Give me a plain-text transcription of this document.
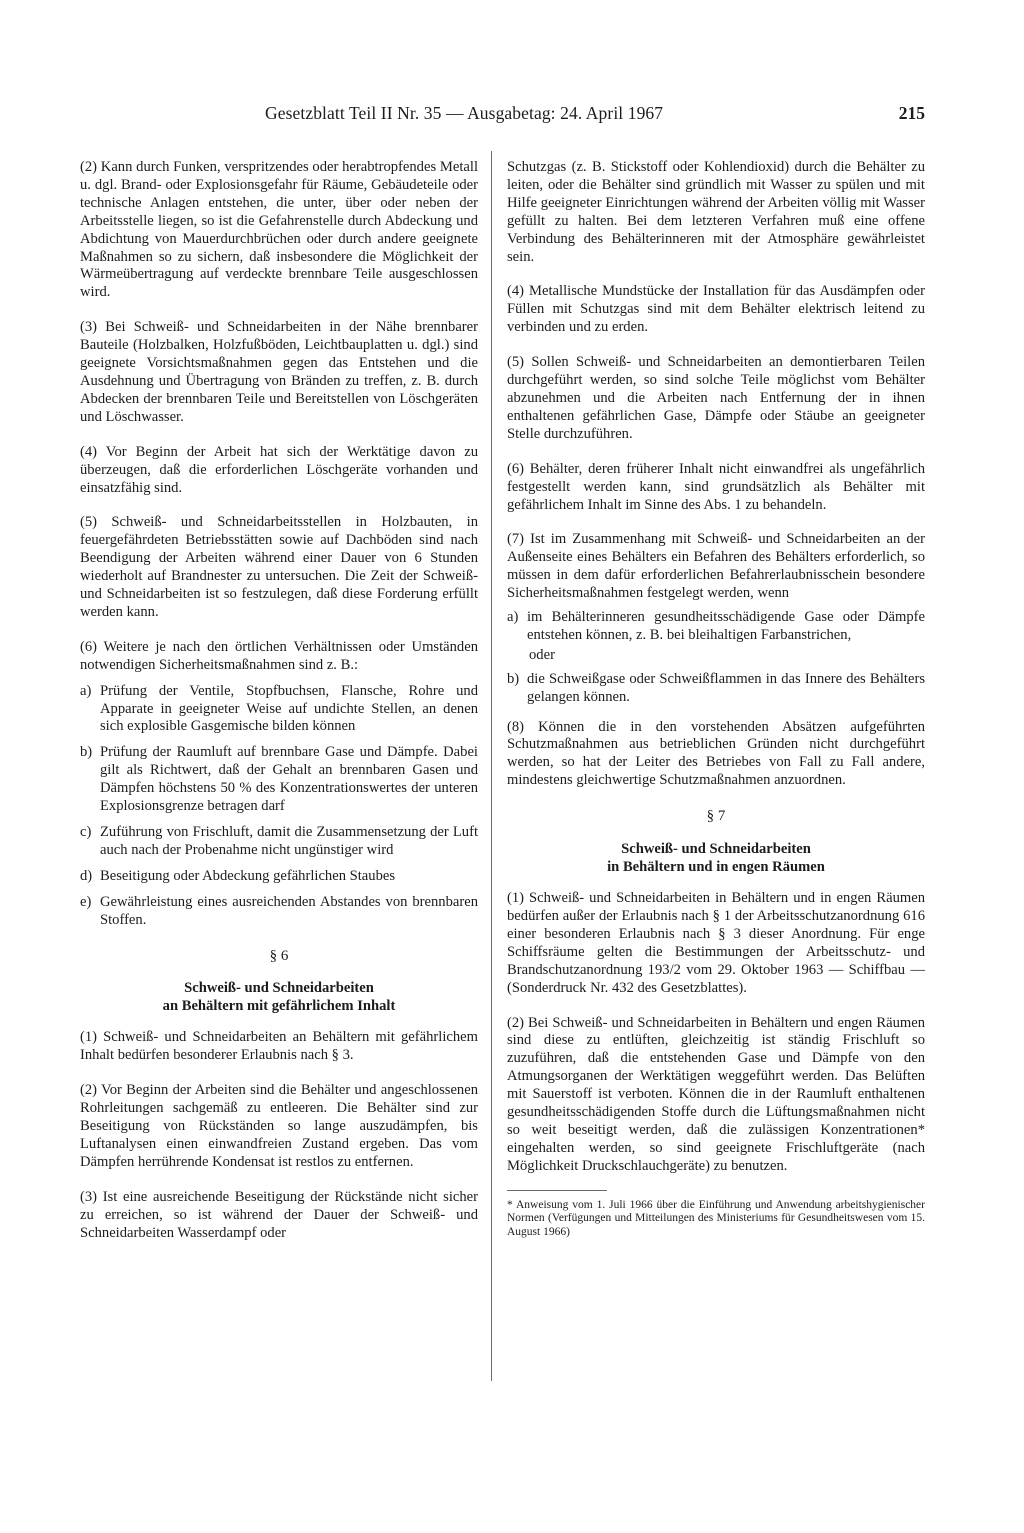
Gesetzblatt Teil II Nr. 35 — Ausgabetag: 24. April 1967	215

(2) Kann durch Funken, verspritzendes oder herabtropfendes Metall u. dgl. Brand- oder Explosionsgefahr für Räume, Gebäudeteile oder technische Anlagen entstehen, die unter, über oder neben der Arbeitsstelle liegen, so ist die Gefahrenstelle durch Abdeckung und Abdichtung von Mauerdurchbrüchen oder durch andere geeignete Maßnahmen so zu sichern, daß insbesondere die Möglichkeit der Wärmeübertragung auf verdeckte brennbare Teile ausgeschlossen wird.

(3) Bei Schweiß- und Schneidarbeiten in der Nähe brennbarer Bauteile (Holzbalken, Holzfußböden, Leichtbauplatten u. dgl.) sind geeignete Vorsichtsmaßnahmen gegen das Entstehen und die Ausdehnung und Übertragung von Bränden zu treffen, z. B. durch Abdecken der brennbaren Teile und Bereitstellen von Löschgeräten und Löschwasser.

(4) Vor Beginn der Arbeit hat sich der Werktätige davon zu überzeugen, daß die erforderlichen Löschgeräte vorhanden und einsatzfähig sind.

(5) Schweiß- und Schneidarbeitsstellen in Holzbauten, in feuergefährdeten Betriebsstätten sowie auf Dachböden sind nach Beendigung der Arbeiten während einer Dauer von 6 Stunden wiederholt auf Brandnester zu untersuchen. Die Zeit der Schweiß- und Schneidarbeiten ist so festzulegen, daß diese Forderung erfüllt werden kann.

(6) Weitere je nach den örtlichen Verhältnissen oder Umständen notwendigen Sicherheitsmaßnahmen sind z. B.:

a) Prüfung der Ventile, Stopfbuchsen, Flansche, Rohre und Apparate in geeigneter Weise auf undichte Stellen, an denen sich explosible Gasgemische bilden können
b) Prüfung der Raumluft auf brennbare Gase und Dämpfe. Dabei gilt als Richtwert, daß der Gehalt an brennbaren Gasen und Dämpfen höchstens 50 % des Konzentrationswertes der unteren Explosionsgrenze betragen darf
c) Zuführung von Frischluft, damit die Zusammensetzung der Luft auch nach der Probenahme nicht ungünstiger wird
d) Beseitigung oder Abdeckung gefährlichen Staubes
e) Gewährleistung eines ausreichenden Abstandes von brennbaren Stoffen.
§ 6
Schweiß- und Schneidarbeiten
an Behältern mit gefährlichem Inhalt

(1) Schweiß- und Schneidarbeiten an Behältern mit gefährlichem Inhalt bedürfen besonderer Erlaubnis nach § 3.

(2) Vor Beginn der Arbeiten sind die Behälter und angeschlossenen Rohrleitungen sachgemäß zu entleeren. Die Behälter sind zur Beseitigung von Rückständen so lange auszudämpfen, bis Luftanalysen einen einwandfreien Zustand ergeben. Das vom Dämpfen herrührende Kondensat ist restlos zu entfernen.

(3) Ist eine ausreichende Beseitigung der Rückstände nicht sicher zu erreichen, so ist während der Dauer der Schweiß- und Schneidarbeiten Wasserdampf oder

Schutzgas (z. B. Stickstoff oder Kohlendioxid) durch die Behälter zu leiten, oder die Behälter sind gründlich mit Wasser zu spülen und mit Hilfe geeigneter Einrichtungen während der Arbeiten völlig mit Wasser gefüllt zu halten. Bei dem letzteren Verfahren muß eine offene Verbindung des Behälterinneren mit der Atmosphäre gewährleistet sein.

(4) Metallische Mundstücke der Installation für das Ausdämpfen oder Füllen mit Schutzgas sind mit dem Behälter elektrisch leitend zu verbinden und zu erden.

(5) Sollen Schweiß- und Schneidarbeiten an demontierbaren Teilen durchgeführt werden, so sind solche Teile möglichst vom Behälter abzunehmen und die Arbeiten nach Entfernung der in ihnen enthaltenen gefährlichen Gase, Dämpfe oder Stäube an geeigneter Stelle durchzuführen.

(6) Behälter, deren früherer Inhalt nicht einwandfrei als ungefährlich festgestellt werden kann, sind grundsätzlich als Behälter mit gefährlichem Inhalt im Sinne des Abs. 1 zu behandeln.

(7) Ist im Zusammenhang mit Schweiß- und Schneidarbeiten an der Außenseite eines Behälters ein Befahren des Behälters erforderlich, so müssen in dem dafür erforderlichen Befahrerlaubnisschein besondere Sicherheitsmaßnahmen festgelegt werden, wenn

a) im Behälterinneren gesundheitsschädigende Gase oder Dämpfe entstehen können, z. B. bei bleihaltigen Farbanstrichen,
oder
b) die Schweißgase oder Schweißflammen in das Innere des Behälters gelangen können.

(8) Können die in den vorstehenden Absätzen aufgeführten Schutzmaßnahmen aus betrieblichen Gründen nicht durchgeführt werden, so hat der Leiter des Betriebes von Fall zu Fall andere, mindestens gleichwertige Schutzmaßnahmen anzuordnen.

§ 7
Schweiß- und Schneidarbeiten
in Behältern und in engen Räumen

(1) Schweiß- und Schneidarbeiten in Behältern und in engen Räumen bedürfen außer der Erlaubnis nach § 1 der Arbeitsschutzanordnung 616 einer besonderen Erlaubnis nach § 3 dieser Anordnung. Für enge Schiffsräume gelten die Bestimmungen der Arbeitsschutz- und Brandschutzanordnung 193/2 vom 29. Oktober 1963 — Schiffbau — (Sonderdruck Nr. 432 des Gesetzblattes).

(2) Bei Schweiß- und Schneidarbeiten in Behältern und engen Räumen sind diese zu entlüften, gleichzeitig ist ständig Frischluft so zuzuführen, daß die entstehenden Gase und Dämpfe von den Atmungsorganen der Werktätigen weggeführt werden. Das Belüften mit Sauerstoff ist verboten. Können die in der Raumluft enthaltenen gesundheitsschädigenden Stoffe durch die Lüftungsmaßnahmen nicht so weit beseitigt werden, daß die zulässigen Konzentrationen* eingehalten werden, so sind geeignete Frischluftgeräte (nach Möglichkeit Druckschlauchgeräte) zu benutzen.

* Anweisung vom 1. Juli 1966 über die Einführung und Anwendung arbeitshygienischer Normen (Verfügungen und Mitteilungen des Ministeriums für Gesundheitswesen vom 15. August 1966)
